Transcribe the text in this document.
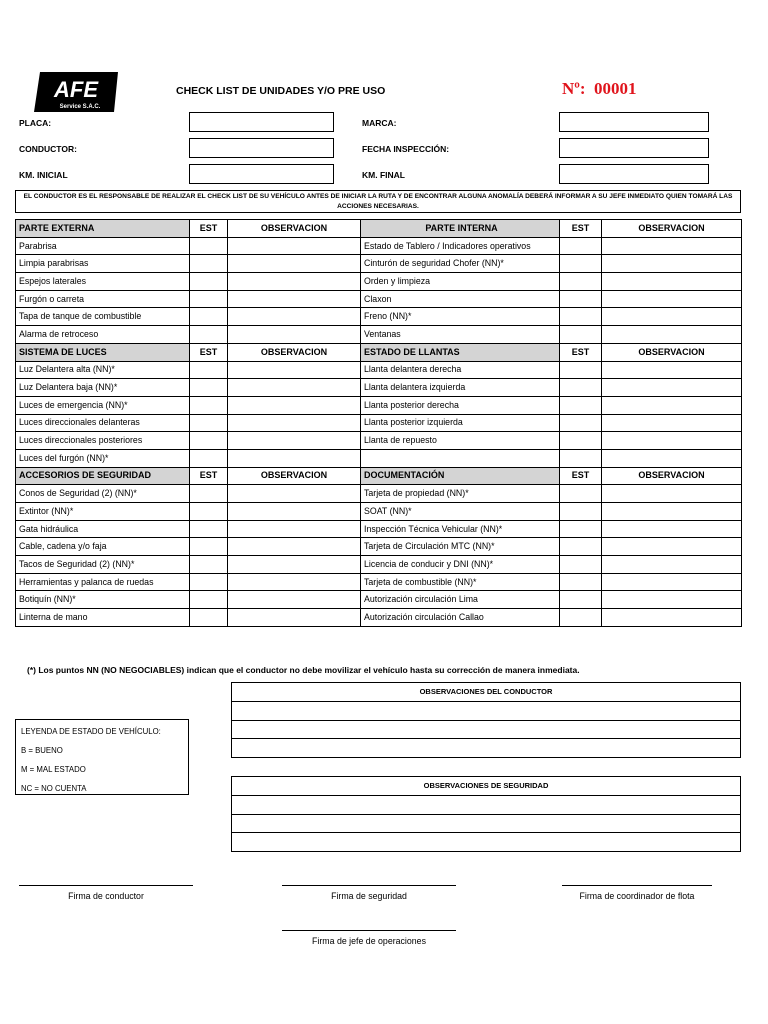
AFE
Service S.A.C.
CHECK LIST DE UNIDADES Y/O PRE USO	Nº:  00001
PLACA:	MARCA:
CONDUCTOR:	FECHA INSPECCIÓN:
KM. INICIAL	KM. FINAL
EL CONDUCTOR ES EL RESPONSABLE DE REALIZAR EL CHECK LIST DE SU VEHÍCULO ANTES DE INICIAR LA RUTA Y DE ENCONTRAR ALGUNA ANOMALÍA DEBERÁ INFORMAR A SU JEFE INMEDIATO QUIEN TOMARÁ LAS ACCIONES NECESARIAS.
PARTE EXTERNA	EST	OBSERVACION	PARTE INTERNA	EST	OBSERVACION
Parabrisa			Estado de Tablero / Indicadores operativos		
Limpia parabrisas			Cinturón de seguridad Chofer (NN)*		
Espejos laterales			Orden y limpieza		
Furgón o carreta			Claxon		
Tapa de tanque de combustible			Freno (NN)*		
Alarma de retroceso			Ventanas		
SISTEMA DE LUCES	EST	OBSERVACION	ESTADO DE LLANTAS	EST	OBSERVACION
Luz Delantera alta (NN)*			Llanta delantera derecha		
Luz Delantera baja (NN)*			Llanta delantera izquierda		
Luces de emergencia (NN)*			Llanta posterior derecha		
Luces direccionales delanteras			Llanta posterior izquierda		
Luces direccionales posteriores			Llanta de repuesto		
Luces del furgón (NN)*					
ACCESORIOS DE SEGURIDAD	EST	OBSERVACION	DOCUMENTACIÓN	EST	OBSERVACION
Conos de Seguridad (2) (NN)*			Tarjeta de propiedad (NN)*		
Extintor (NN)*			SOAT (NN)*		
Gata hidráulica			Inspección Técnica Vehicular (NN)*		
Cable, cadena y/o faja			Tarjeta de Circulación MTC (NN)*		
Tacos de Seguridad (2) (NN)*			Licencia de conducir y DNI (NN)*		
Herramientas y palanca de ruedas			Tarjeta de combustible (NN)*		
Botiquín (NN)*			Autorización circulación Lima		
Linterna de mano			Autorización circulación Callao		
(*) Los puntos NN (NO NEGOCIABLES) indican que el conductor no debe movilizar el vehículo hasta su corrección de manera inmediata.
OBSERVACIONES DEL CONDUCTOR

LEYENDA DE ESTADO DE VEHÍCULO:
B = BUENO
M = MAL ESTADO
NC = NO CUENTA	OBSERVACIONES DE SEGURIDAD

Firma de conductor	Firma de seguridad	Firma de coordinador de flota
Firma de jefe de operaciones
